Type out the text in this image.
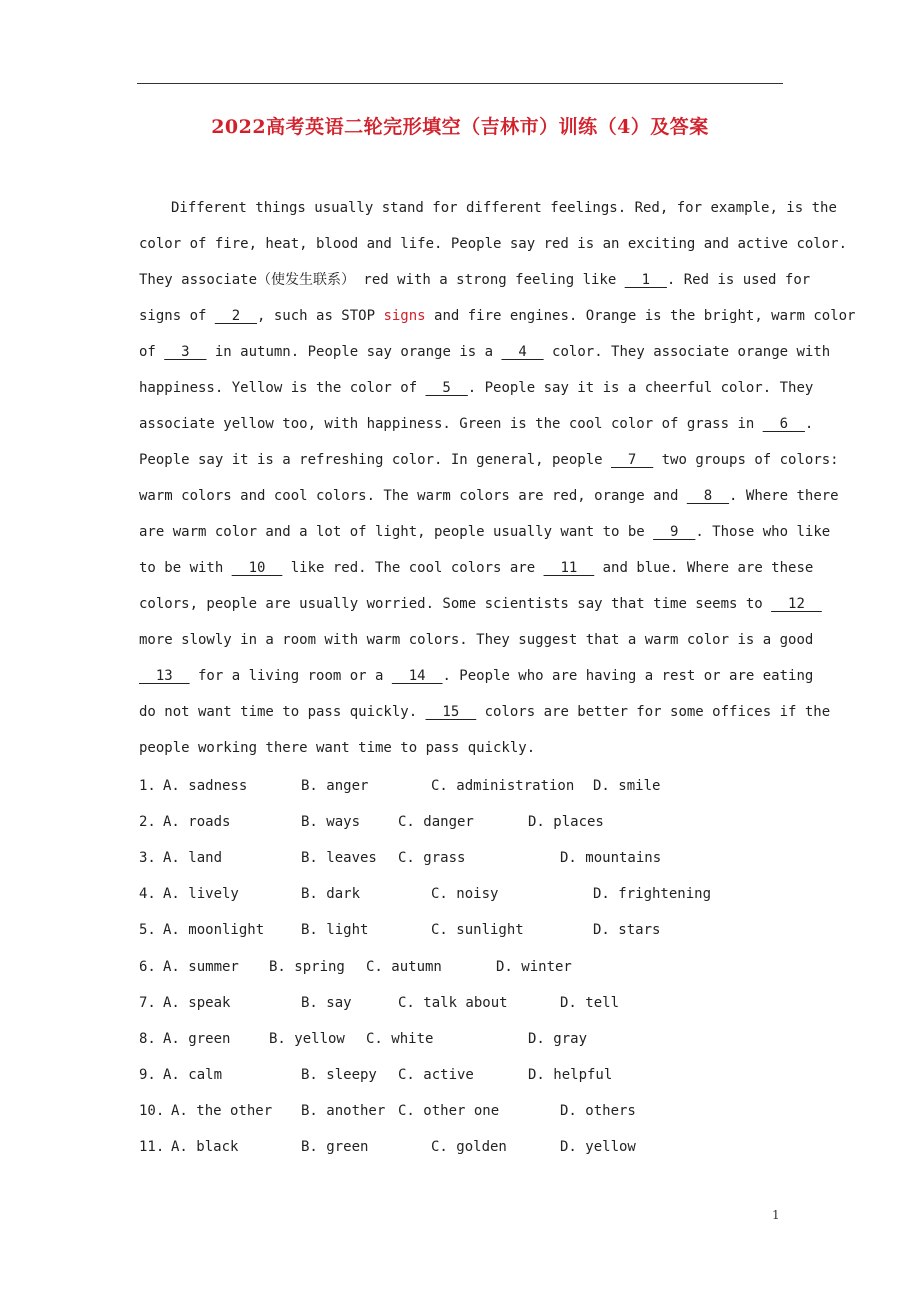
2022高考英语二轮完形填空（吉林市）训练（4）及答案
Different things usually stand for different feelings. Red, for example, is the
color of fire, heat, blood and life. People say red is an exciting and active color.
They associate（使发生联系） red with a strong feeling like __1__. Red is used for
signs of __2__, such as STOP signs and fire engines. Orange is the bright, warm color
of __3__ in autumn. People say orange is a __4__ color. They associate orange with
happiness. Yellow is the color of __5__. People say it is a cheerful color. They
associate yellow too, with happiness. Green is the cool color of grass in __6__.
People say it is a refreshing color. In general, people __7__ two groups of colors:
warm colors and cool colors. The warm colors are red, orange and __8__. Where there
are warm color and a lot of light, people usually want to be __9__. Those who like
to be with __10__ like red. The cool colors are __11__ and blue. Where are these
colors, people are usually worried. Some scientists say that time seems to __12__
more slowly in a room with warm colors. They suggest that a warm color is a good
__13__ for a living room or a __14__. People who are having a rest or are eating
do not want time to pass quickly. __15__ colors are better for some offices if the
people working there want time to pass quickly.
1. A. sadness	B. anger	C. administration D. smile
2. A. roads	B. ways	C. danger	D. places
3. A. land	B. leaves C. grass	D. mountains
4. A. lively	B. dark	C. noisy	D. frightening
5. A. moonlight	B. light	C. sunlight	D. stars
6. A. summer B. spring C. autumn	D. winter
7. A. speak	B. say	C. talk about	D. tell
8. A. green	B. yellow C. white	D. gray
9. A. calm	B. sleepy C. active	D. helpful
10. A. the other B. another C. other one	D. others
11. A. black	B. green	C. golden	D. yellow
1
